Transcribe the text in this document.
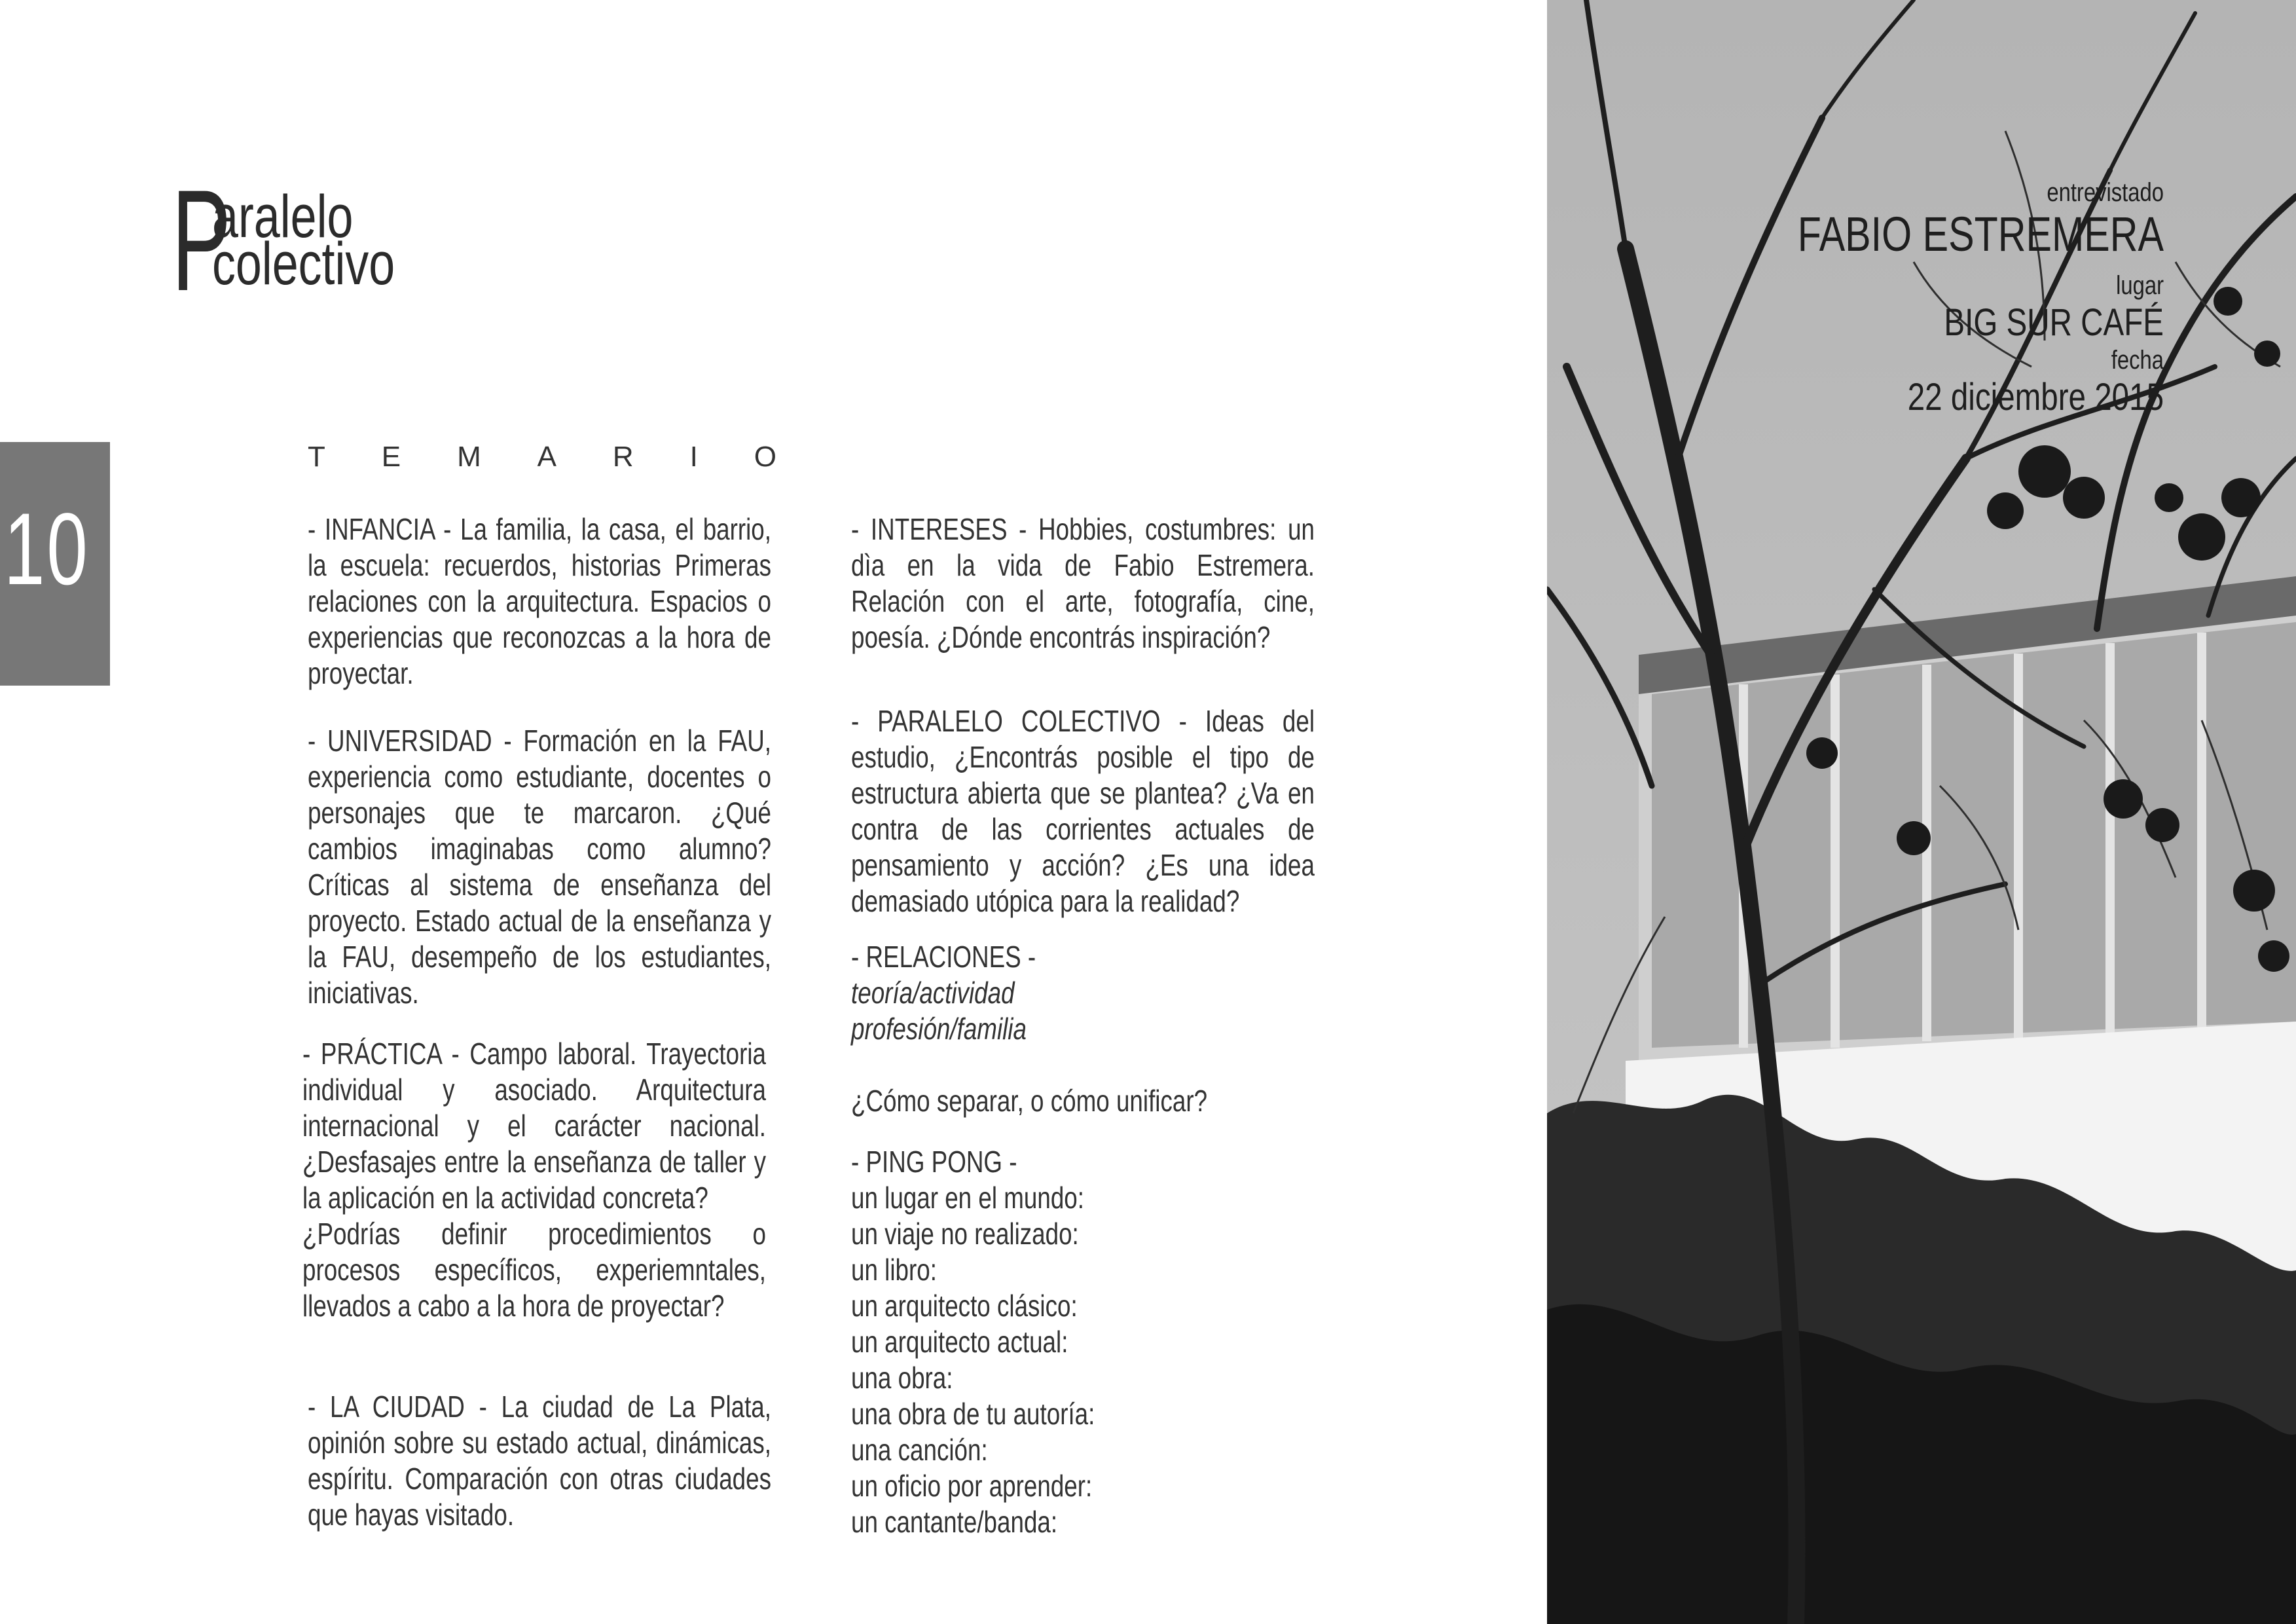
P
aralelo
colectivo
10
T E M A R I O

- INFANCIA - La familia, la casa, el barrio, la escuela: recuerdos, historias Primeras relaciones con la arquitectura. Espacios o experiencias que reconozcas a la hora de proyectar.

- UNIVERSIDAD - Formación en la FAU, experiencia como estudiante, docentes o personajes que te marcaron. ¿Qué cambios imaginabas como alumno? Críticas al sistema de enseñanza del proyecto. Estado actual de la enseñanza y la FAU, desempeño de los estudiantes, iniciativas.

- PRÁCTICA - Campo laboral. Trayectoria individual y asociado. Arquitectura internacional y el carácter nacional. ¿Desfasajes entre la enseñanza de taller y la aplicación en la actividad concreta?

¿Podrías definir procedimientos o procesos específicos, experiemntales, llevados a cabo a la hora de proyectar?

- LA CIUDAD - La ciudad de La Plata, opinión sobre su estado actual, dinámicas, espíritu. Comparación con otras ciudades que hayas visitado.

- INTERESES - Hobbies, costumbres: un dìa en la vida de Fabio Estremera. Relación con el arte, fotografía, cine, poesía. ¿Dónde encontrás inspiración?

- PARALELO COLECTIVO - Ideas del estudio, ¿Encontrás posible el tipo de estructura abierta que se plantea? ¿Va en contra de las corrientes actuales de pensamiento y acción? ¿Es una idea demasiado utópica para la realidad?

- RELACIONES -

teoría/actividad

profesión/familia

¿Cómo separar, o cómo unificar?

- PING PONG -

un lugar en el mundo:

un viaje no realizado:

un libro:

un arquitecto clásico:

un arquitecto actual:

una obra:

una obra de tu autoría:

una canción:

un oficio por aprender:

un cantante/banda:

entrevistado
FABIO ESTREMERA
lugar
BIG SUR CAFÉ
fecha
22 diciembre 2015
